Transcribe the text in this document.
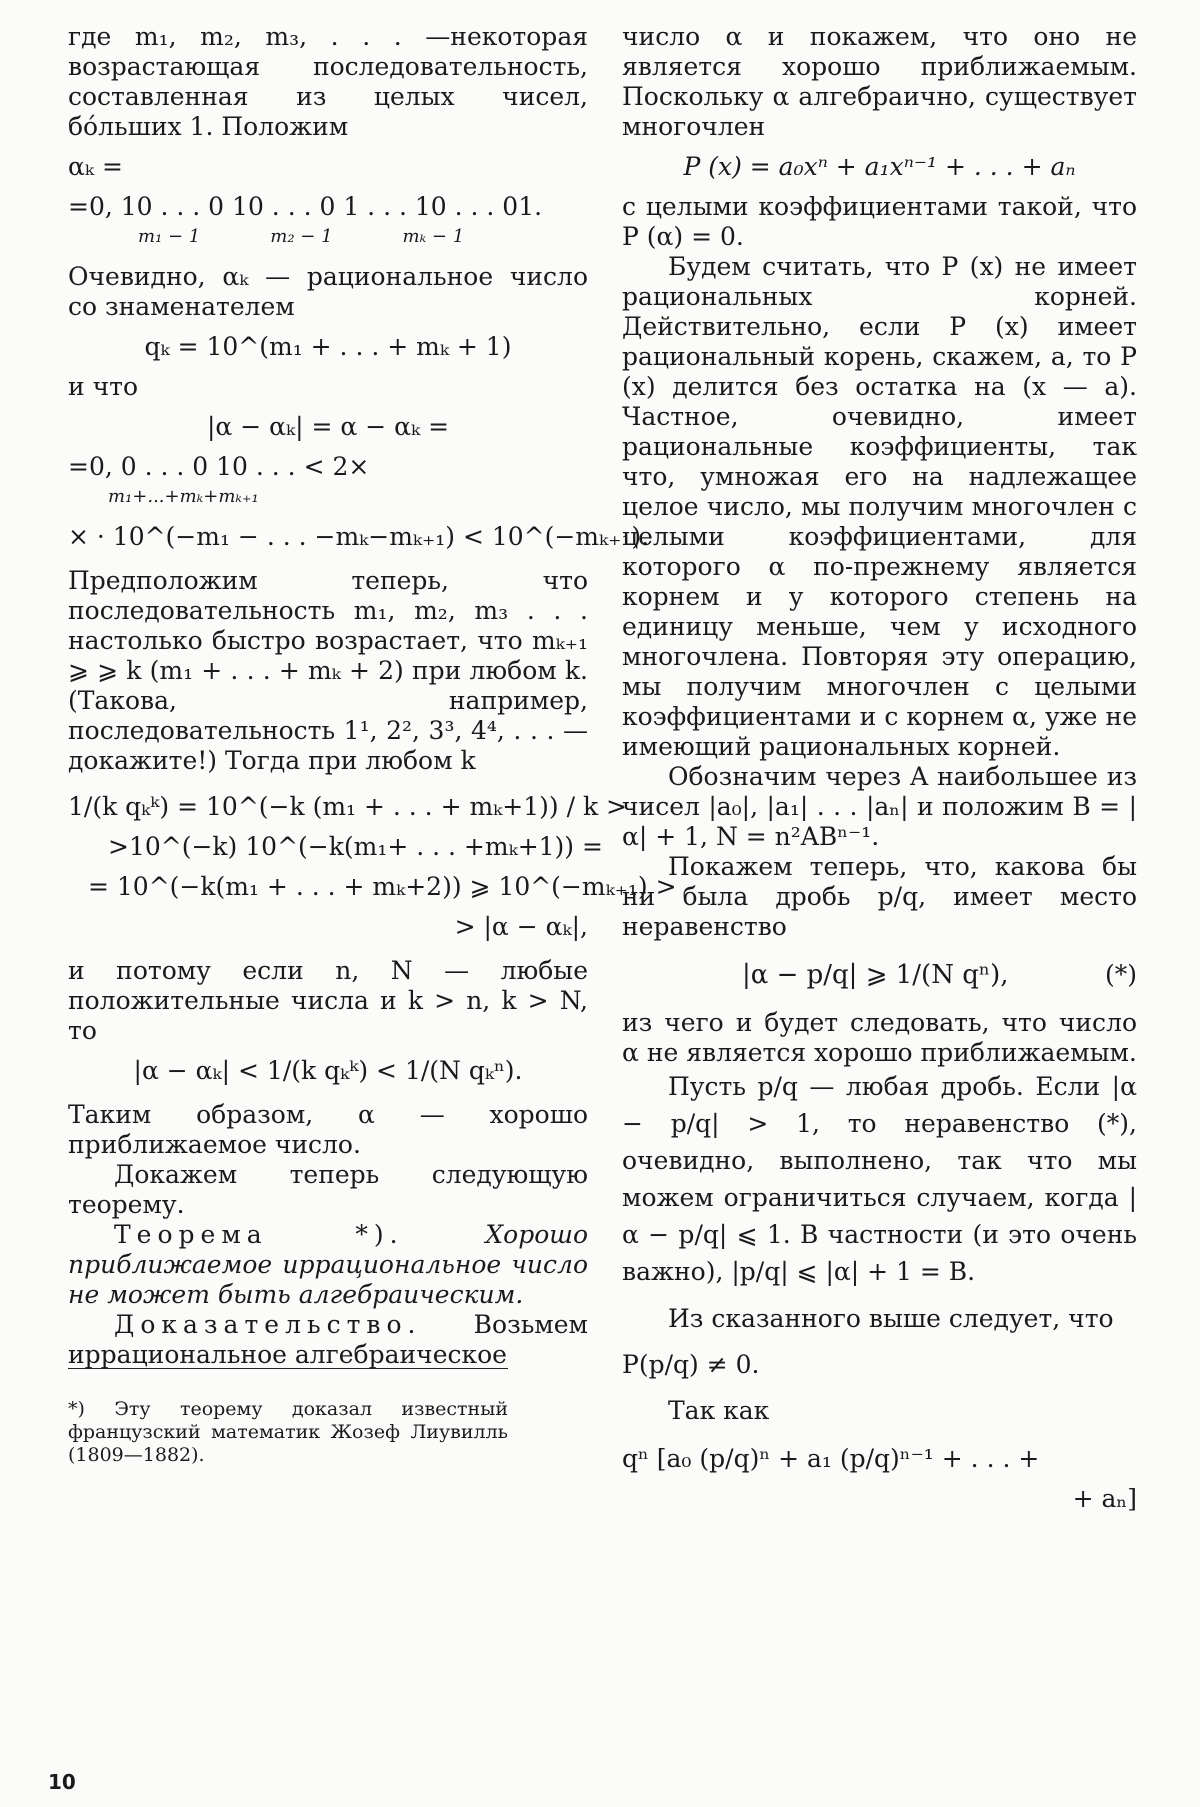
где m₁, m₂, m₃, . . . —некоторая возрастающая последовательность, составленная из целых чисел, бо́льших 1. Положим

αₖ =

=0, 10 . . . 0 10 . . . 0 1 . . . 10 . . . 01.
m₁ − 1	m₂ − 1	mₖ − 1

Очевидно, αₖ — рациональное число со знаменателем

qₖ = 10^(m₁ + . . . + mₖ + 1)

и что

|α − αₖ| = α − αₖ =

=0, 0 . . . 0 10 . . . < 2×

m₁+...+mₖ+mₖ₊₁

× · 10^(−m₁ − . . . −mₖ−mₖ₊₁) < 10^(−mₖ₊₁).

Предположим теперь, что последовательность m₁, m₂, m₃ . . . настолько быстро возрастает, что mₖ₊₁ ⩾ ⩾ k (m₁ + . . . + mₖ + 2) при любом k. (Такова, например, последовательность 1¹, 2², 3³, 4⁴, . . . — докажите!) Тогда при любом k

1/(k qₖᵏ) = 10^(−k (m₁ + . . . + mₖ+1)) / k >

>10^(−k) 10^(−k(m₁+ . . . +mₖ+1)) =

= 10^(−k(m₁ + . . . + mₖ+2)) ⩾ 10^(−mₖ₊₁) >

> |α − αₖ|,

и потому если n, N — любые положительные числа и k > n, k > N, то

|α − αₖ| < 1/(k qₖᵏ) < 1/(N qₖⁿ).

Таким образом, α — хорошо приближаемое число.

Докажем теперь следующую теорему.

Теорема *).	Хорошо приближаемое иррациональное число не может быть алгебраическим.

Доказательство. Возьмем иррациональное алгебраическое

*) Эту теорему доказал известный французский математик Жозеф Лиувилль (1809—1882).

число α и покажем, что оно не является хорошо приближаемым. Поскольку α алгебраично, существует многочлен

P (x) = a₀xⁿ + a₁xⁿ⁻¹ + . . . + aₙ

с целыми коэффициентами такой, что P (α) = 0.

Будем считать, что P (x) не имеет рациональных корней. Действительно, если P (x) имеет рациональный корень, скажем, a, то P (x) делится без остатка на (x — a). Частное, очевидно, имеет рациональные коэффициенты, так что, умножая его на надлежащее целое число, мы получим многочлен с целыми коэффициентами, для которого α по-прежнему является корнем и у которого степень на единицу меньше, чем у исходного многочлена. Повторяя эту операцию, мы получим многочлен с целыми коэффициентами и с корнем α, уже не имеющий рациональных корней.

Обозначим через A наибольшее из чисел |a₀|, |a₁| . . . |aₙ| и положим B = |α| + 1, N = n²ABⁿ⁻¹.

Покажем теперь, что, какова бы ни была дробь p/q, имеет место неравенство

|α − p/q| ⩾ 1/(N qⁿ),	(*)

из чего и будет следовать, что число α не является хорошо приближаемым.

Пусть p/q — любая дробь. Если |α − p/q| > 1, то неравенство (*), очевидно, выполнено, так что мы можем ограничиться случаем, когда |α − p/q| ⩽ 1. В частности (и это очень важно), |p/q| ⩽ |α| + 1 = B.

Из сказанного выше следует, что

P(p/q) ≠ 0.

Так как

qⁿ [a₀ (p/q)ⁿ + a₁ (p/q)ⁿ⁻¹ + . . . +

+ aₙ]

10
